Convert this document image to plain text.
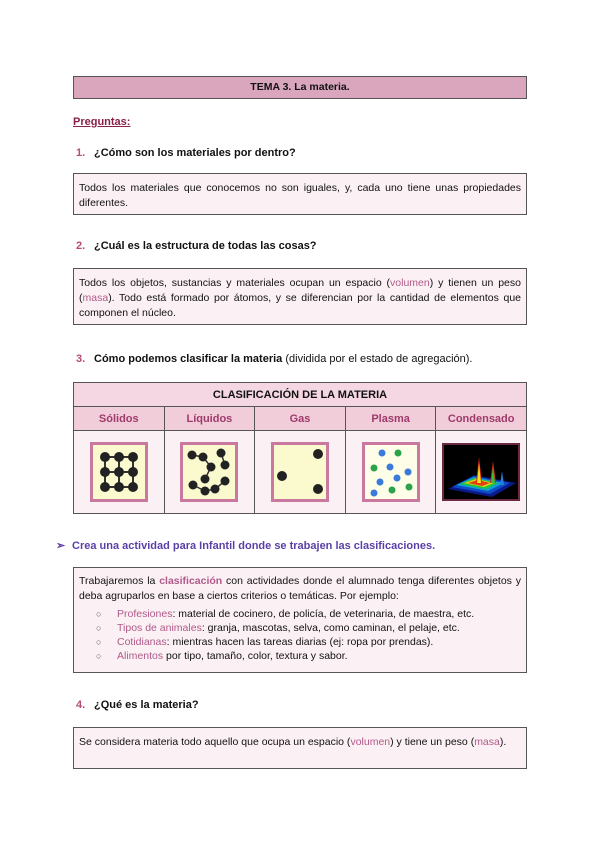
TEMA 3. La materia.
Preguntas:
1. ¿Cómo son los materiales por dentro?
Todos los materiales que conocemos no son iguales, y, cada uno tiene unas propiedades diferentes.
2. ¿Cuál es la estructura de todas las cosas?
Todos los objetos, sustancias y materiales ocupan un espacio (volumen) y tienen un peso (masa). Todo está formado por átomos, y se diferencian por la cantidad de elementos que componen el núcleo.
3. Cómo podemos clasificar la materia (dividida por el estado de agregación).
CLASIFICACIÓN DE LA MATERIA				
Sólidos	Líquidos	Gas	Plasma	Condensado

➢ Crea una actividad para Infantil donde se trabajen las clasificaciones.
Trabajaremos la clasificación con actividades donde el alumnado tenga diferentes objetos y deba agruparlos en base a ciertos criterios o temáticas. Por ejemplo:
○ Profesiones: material de cocinero, de policía, de veterinaria, de maestra, etc.
○ Tipos de animales: granja, mascotas, selva, como caminan, el pelaje, etc.
○ Cotidianas: mientras hacen las tareas diarias (ej: ropa por prendas).
○ Alimentos por tipo, tamaño, color, textura y sabor.
4. ¿Qué es la materia?
Se considera materia todo aquello que ocupa un espacio (volumen) y tiene un peso (masa).
